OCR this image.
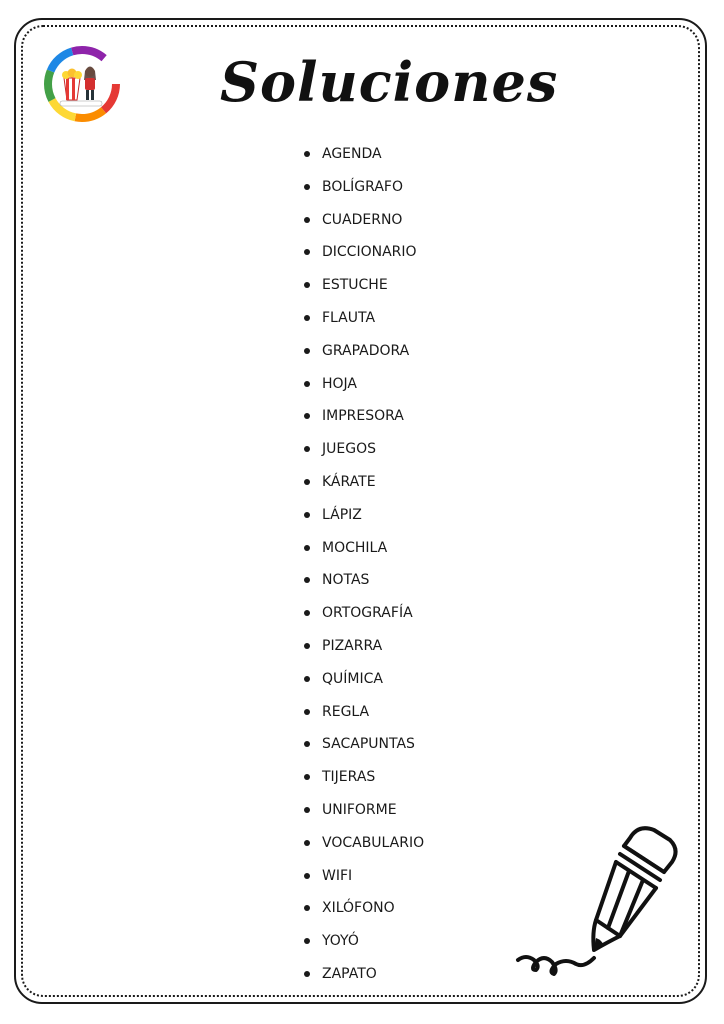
Soluciones
AGENDA
BOLÍGRAFO
CUADERNO
DICCIONARIO
ESTUCHE
FLAUTA
GRAPADORA
HOJA
IMPRESORA
JUEGOS
KÁRATE
LÁPIZ
MOCHILA
NOTAS
ORTOGRAFÍA
PIZARRA
QUÍMICA
REGLA
SACAPUNTAS
TIJERAS
UNIFORME
VOCABULARIO
WIFI
XILÓFONO
YOYÓ
ZAPATO
